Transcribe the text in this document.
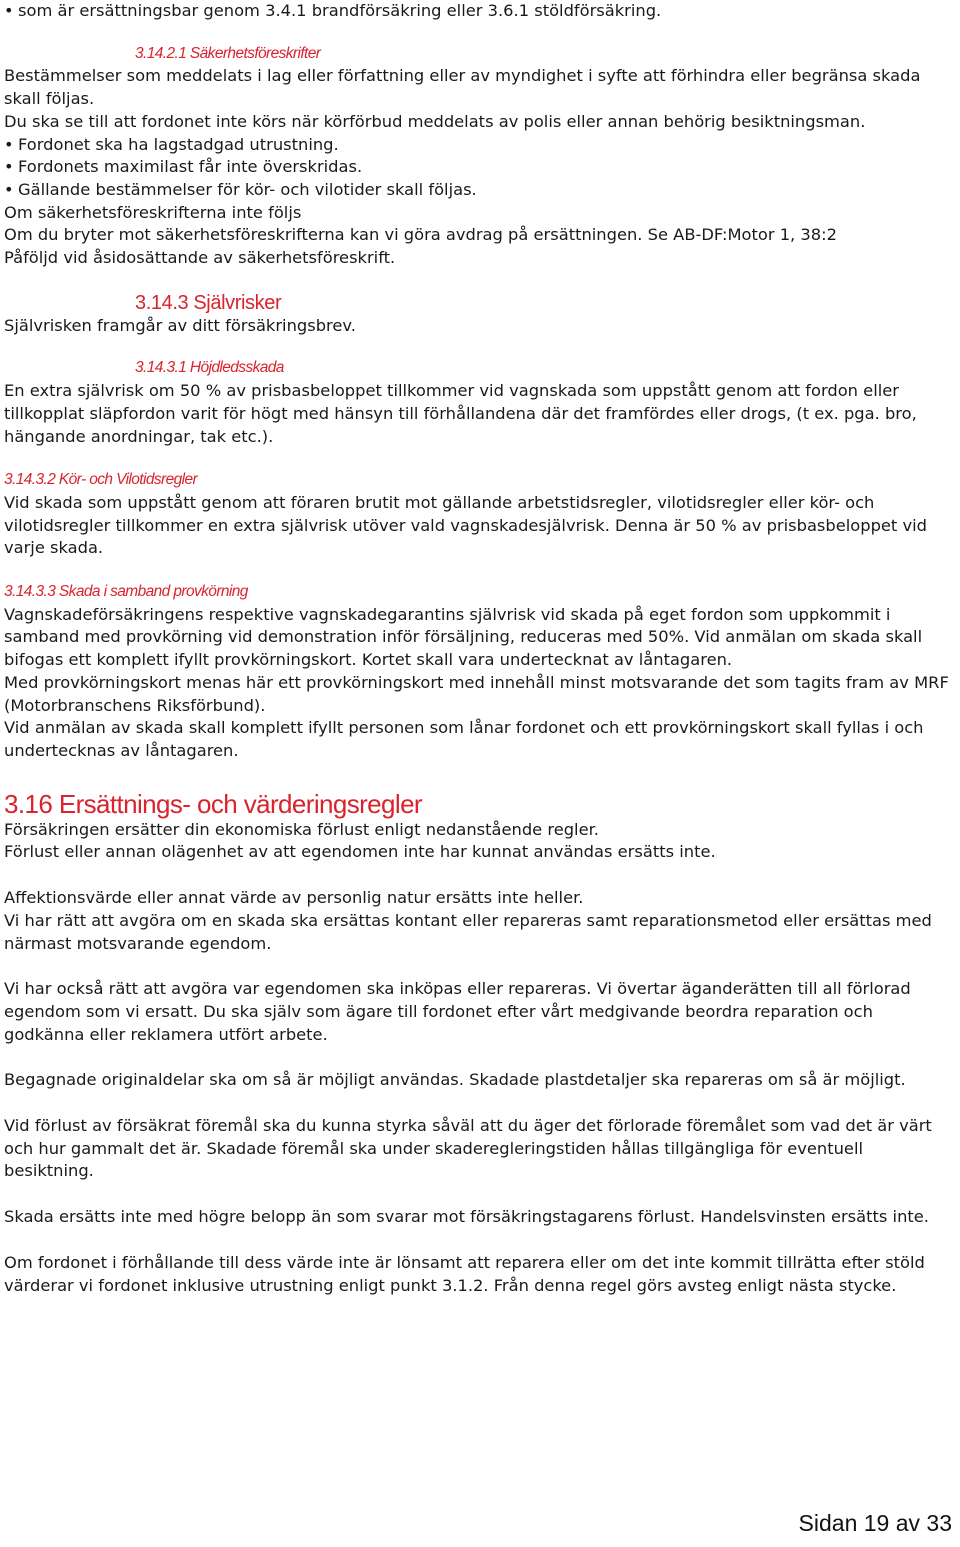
• som är ersättningsbar genom 3.4.1 brandförsäkring eller 3.6.1 stöldförsäkring.

3.14.2.1 Säkerhetsföreskrifter

Bestämmelser som meddelats i lag eller författning eller av myndighet i syfte att förhindra eller begränsa skada skall följas.

Du ska se till att fordonet inte körs när körförbud meddelats av polis eller annan behörig besiktningsman.

• Fordonet ska ha lagstadgad utrustning.

• Fordonets maximilast får inte överskridas.

• Gällande bestämmelser för kör- och vilotider skall följas.

Om säkerhetsföreskrifterna inte följs

Om du bryter mot säkerhetsföreskrifterna kan vi göra avdrag på ersättningen. Se AB-DF:Motor 1, 38:2

Påföljd vid åsidosättande av säkerhetsföreskrift.

3.14.3 Självrisker

Självrisken framgår av ditt försäkringsbrev.

3.14.3.1 Höjdledsskada

En extra självrisk om 50 % av prisbasbeloppet tillkommer vid vagnskada som uppstått genom att fordon eller tillkopplat släpfordon varit för högt med hänsyn till förhållandena där det framfördes eller drogs, (t ex. pga. bro, hängande anordningar, tak etc.).

3.14.3.2 Kör- och Vilotidsregler

Vid skada som uppstått genom att föraren brutit mot gällande arbetstidsregler, vilotidsregler eller kör- och vilotidsregler tillkommer en extra självrisk utöver vald vagnskadesjälvrisk. Denna är 50 % av prisbasbeloppet vid varje skada.

3.14.3.3 Skada i samband provkörning

Vagnskadeförsäkringens respektive vagnskadegarantins självrisk vid skada på eget fordon som uppkommit i samband med provkörning vid demonstration inför försäljning, reduceras med 50%. Vid anmälan om skada skall bifogas ett komplett ifyllt provkörningskort. Kortet skall vara undertecknat av låntagaren.

Med provkörningskort menas här ett provkörningskort med innehåll minst motsvarande det som tagits fram av MRF (Motorbranschens Riksförbund).

Vid anmälan av skada skall komplett ifyllt personen som lånar fordonet och ett provkörningskort skall fyllas i och undertecknas av låntagaren.

3.16 Ersättnings- och värderingsregler

Försäkringen ersätter din ekonomiska förlust enligt nedanstående regler.

Förlust eller annan olägenhet av att egendomen inte har kunnat användas ersätts inte.

Affektionsvärde eller annat värde av personlig natur ersätts inte heller.

Vi har rätt att avgöra om en skada ska ersättas kontant eller repareras samt reparationsmetod eller ersättas med närmast motsvarande egendom.

Vi har också rätt att avgöra var egendomen ska inköpas eller repareras. Vi övertar äganderätten till all förlorad egendom som vi ersatt. Du ska själv som ägare till fordonet efter vårt medgivande beordra reparation och godkänna eller reklamera utfört arbete.

Begagnade originaldelar ska om så är möjligt användas. Skadade plastdetaljer ska repareras om så är möjligt.

Vid förlust av försäkrat föremål ska du kunna styrka såväl att du äger det förlorade föremålet som vad det är värt och hur gammalt det är. Skadade föremål ska under skaderegleringstiden hållas tillgängliga för eventuell besiktning.

Skada ersätts inte med högre belopp än som svarar mot försäkringstagarens förlust. Handelsvinsten ersätts inte.

Om fordonet i förhållande till dess värde inte är lönsamt att reparera eller om det inte kommit tillrätta efter stöld värderar vi fordonet inklusive utrustning enligt punkt 3.1.2. Från denna regel görs avsteg enligt nästa stycke.

Sidan 19 av 33
